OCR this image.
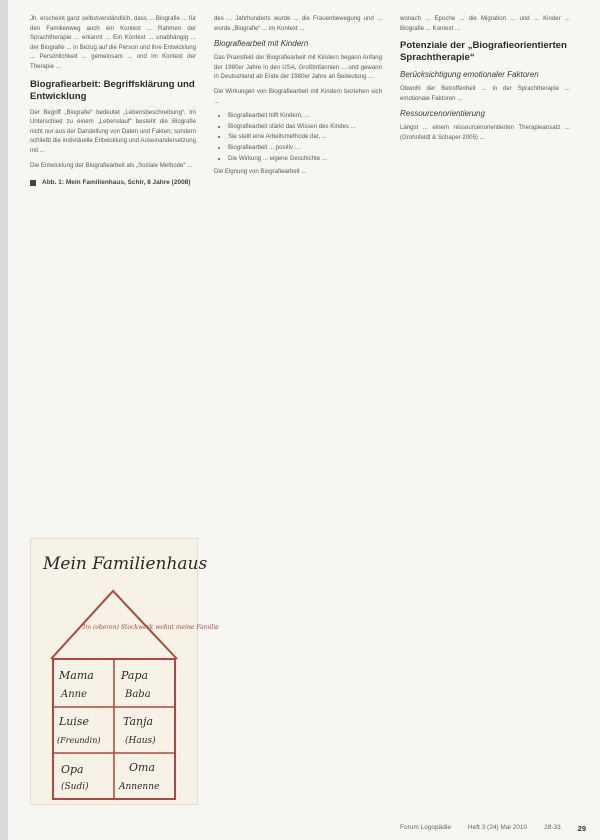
Jh. erscheint ganz selbstverständlich, dass ... Biografie ... für den Familienweg auch ein Kontext ... Rahmen der Sprachtherapie ... erkannt ... Ein Kontext ... unabhängig ... der Biografie ... in Bezug auf die Person und ihre Entwicklung ... Persönlichkeit ... gemeinsam ... und im Kontext der Therapie ...

Biografiearbeit: Begriffsklärung und Entwicklung

Der Begriff „Biografie“ bedeutet „Lebensbeschreibung“. Im Unterschied zu einem „Lebenslauf“ besteht die Biografie nicht nur aus der Darstellung von Daten und Fakten, sondern schließt die individuelle Entwicklung und Auseinandersetzung mit ...

Die Entwicklung der Biografiearbeit als „Soziale Methode“ ...

Abb. 1: Mein Familienhaus, Schir, 8 Jahre (2008)
Mein Familienhaus
Im (oberen) Stockwerk wohnt meine Familie
Mama
Anne
Papa
Baba
Luise
(Freundin)
Tanja
(Haus)
Opa
(Sudi)
Oma
Annenne

des ... Jahrhunderts wurde ... die Frauenbewegung und ... wurde „Biografie“ ... im Kontext ...

Biografiearbeit mit Kindern

Das Praxisfeld der Biografiearbeit mit Kindern begann Anfang der 1980er Jahre in den USA, Großbritannien ... und gewann in Deutschland ab Ende der 1980er Jahre an Bedeutung ...

Die Wirkungen von Biografiearbeit mit Kindern beziehen sich ...

• Biografiearbeit hilft Kindern, ...
• Biografiearbeit stärkt das Wissen des Kindes ...
• Sie stellt eine Arbeitsmethode dar, ...
• Biografiearbeit ... positiv ...
• Die Wirkung ... eigene Geschichte ...

Die Eignung von Biografiearbeit ...

wonach ... Epoche ... die Migration ... und ... Kinder ... Biografie ... Kontext ...

Potenziale der „Biografieorientierten Sprachtherapie“
Berücksichtigung emotionaler Faktoren

Obwohl der Betroffenheit ... in der Sprachtherapie ... emotionale Faktoren ...

Ressourcenorientierung

Längst ... einem ressourcenorientierten Therapieansatz ... (Grohnfeldt & Schaper 2005) ...

Forum Logopädie	Heft 3 (24) Mai 2010	28-33 29
